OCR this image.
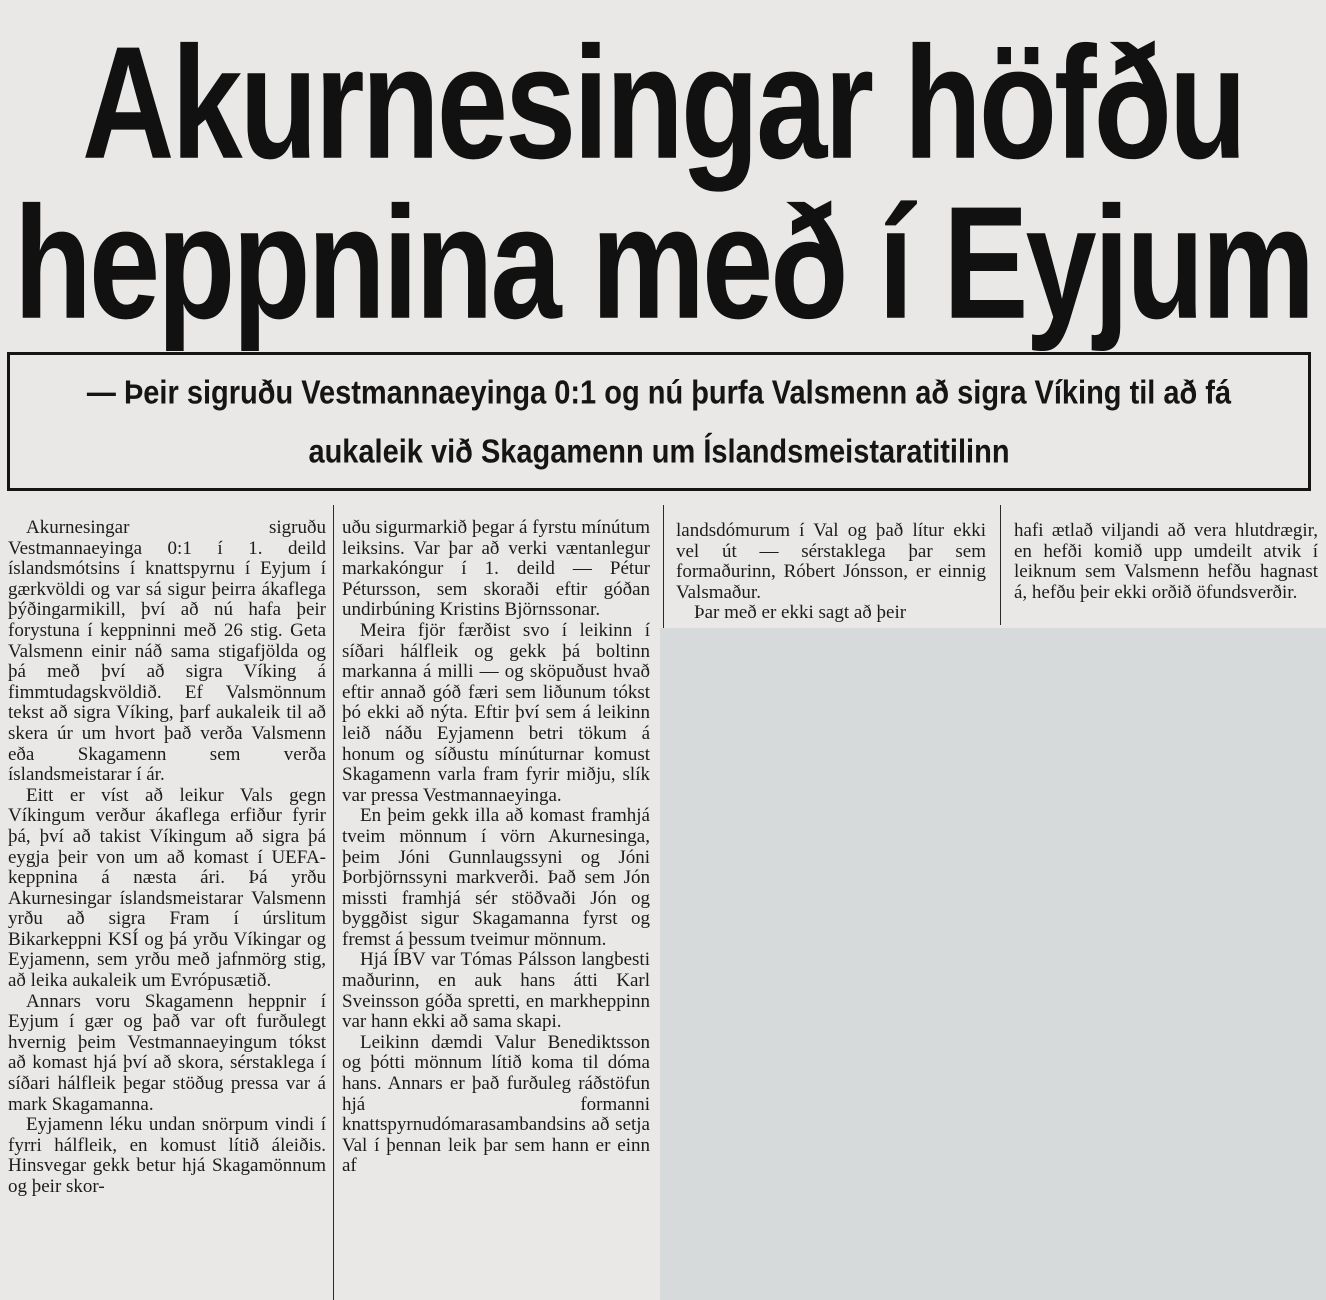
Akurnesingar höfðu
heppnina með í Eyjum
— Þeir sigruðu Vestmannaeyinga 0:1 og nú þurfa Valsmenn að sigra Víking til að fá
aukaleik við Skagamenn um Íslandsmeistaratitilinn

Akurnesingar sigruðu Vestmannaeyinga 0:1 í 1. deild íslandsmótsins í knattspyrnu í Eyjum í gærkvöldi og var sá sigur þeirra ákaflega þýðingarmikill, því að nú hafa þeir forystuna í keppninni með 26 stig. Geta Valsmenn einir náð sama stigafjölda og þá með því að sigra Víking á fimmtudagskvöldið. Ef Valsmönnum tekst að sigra Víking, þarf aukaleik til að skera úr um hvort það verða Valsmenn eða Skagamenn sem verða íslandsmeistarar í ár.

Eitt er víst að leikur Vals gegn Víkingum verður ákaflega erfiður fyrir þá, því að takist Víkingum að sigra þá eygja þeir von um að komast í UEFA-keppnina á næsta ári. Þá yrðu Akurnesingar íslandsmeistarar Valsmenn yrðu að sigra Fram í úrslitum Bikarkeppni KSÍ og þá yrðu Víkingar og Eyjamenn, sem yrðu með jafnmörg stig, að leika aukaleik um Evrópusætið.

Annars voru Skagamenn heppnir í Eyjum í gær og það var oft furðulegt hvernig þeim Vestmannaeyingum tókst að komast hjá því að skora, sérstaklega í síðari hálfleik þegar stöðug pressa var á mark Skagamanna.

Eyjamenn léku undan snörpum vindi í fyrri hálfleik, en komust lítið áleiðis. Hinsvegar gekk betur hjá Skagamönnum og þeir skor-

uðu sigurmarkið þegar á fyrstu mínútum leiksins. Var þar að verki væntanlegur markakóngur í 1. deild — Pétur Pétursson, sem skoraði eftir góðan undirbúning Kristins Björnssonar.

Meira fjör færðist svo í leikinn í síðari hálfleik og gekk þá boltinn markanna á milli — og sköpuðust hvað eftir annað góð færi sem liðunum tókst þó ekki að nýta. Eftir því sem á leikinn leið náðu Eyjamenn betri tökum á honum og síðustu mínúturnar komust Skagamenn varla fram fyrir miðju, slík var pressa Vestmannaeyinga.

En þeim gekk illa að komast framhjá tveim mönnum í vörn Akurnesinga, þeim Jóni Gunnlaugssyni og Jóni Þorbjörnssyni markverði. Það sem Jón missti framhjá sér stöðvaði Jón og byggðist sigur Skagamanna fyrst og fremst á þessum tveimur mönnum.

Hjá ÍBV var Tómas Pálsson langbesti maðurinn, en auk hans átti Karl Sveinsson góða spretti, en markheppinn var hann ekki að sama skapi.

Leikinn dæmdi Valur Benediktsson og þótti mönnum lítið koma til dóma hans. Annars er það furðuleg ráðstöfun hjá formanni knattspyrnudómarasambandsins að setja Val í þennan leik þar sem hann er einn af

landsdómurum í Val og það lítur ekki vel út — sérstaklega þar sem formaðurinn, Róbert Jónsson, er einnig Valsmaður.

Þar með er ekki sagt að þeir

hafi ætlað viljandi að vera hlutdrægir, en hefði komið upp umdeilt atvik í leiknum sem Valsmenn hefðu hagnast á, hefðu þeir ekki orðið öfundsverðir.
